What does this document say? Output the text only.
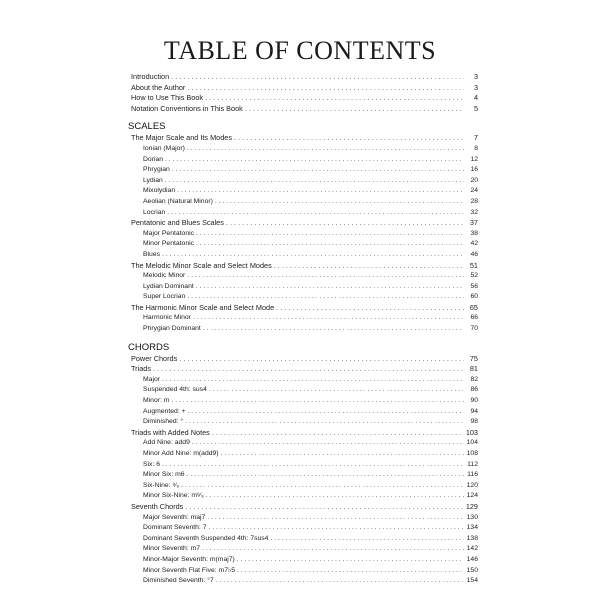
TABLE OF CONTENTS
Introduction . . .	3
About the Author . . .	3
How to Use This Book . . .	4
Notation Conventions in This Book . . .	5
SCALES
The Major Scale and Its Modes . . .	7
Ionian (Major) . . .	8
Dorian . . .	12
Phrygian . . .	16
Lydian . . .	20
Mixolydian . . .	24
Aeolian (Natural Minor) . . .	28
Locrian . . .	32
Pentatonic and Blues Scales . . .	37
Major Pentatonic . . .	38
Minor Pentatonic . . .	42
Blues . . .	46
The Melodic Minor Scale and Select Modes . . .	51
Melodic Minor . . .	52
Lydian Dominant . . .	56
Super Locrian . . .	60
The Harmonic Minor Scale and Select Mode . . .	65
Harmonic Minor . . .	66
Phrygian Dominant . . .	70
CHORDS
Power Chords . . .	75
Triads . . .	81
Major . . .	82
Suspended 4th: sus4 . . .	86
Minor: m . . .	90
Augmented: + . . .	94
Diminished: ° . . .	98
Triads with Added Notes . . .	103
Add Nine: add9 . . .	104
Minor Add Nine: m(add9) . . .	108
Six: 6 . . .	112
Minor Six: m6 . . .	116
Six-Nine: ⁶⁄₉ . . .	120
Minor Six-Nine: m⁶⁄₉ . . .	124
Seventh Chords . . .	129
Major Seventh: maj7 . . .	130
Dominant Seventh: 7 . . .	134
Dominant Seventh Suspended 4th: 7sus4 . . .	138
Minor Seventh: m7 . . .	142
Minor-Major Seventh: m(maj7) . . .	146
Minor Seventh Flat Five: m7♭5 . . .	150
Diminished Seventh: °7 . . .	154
